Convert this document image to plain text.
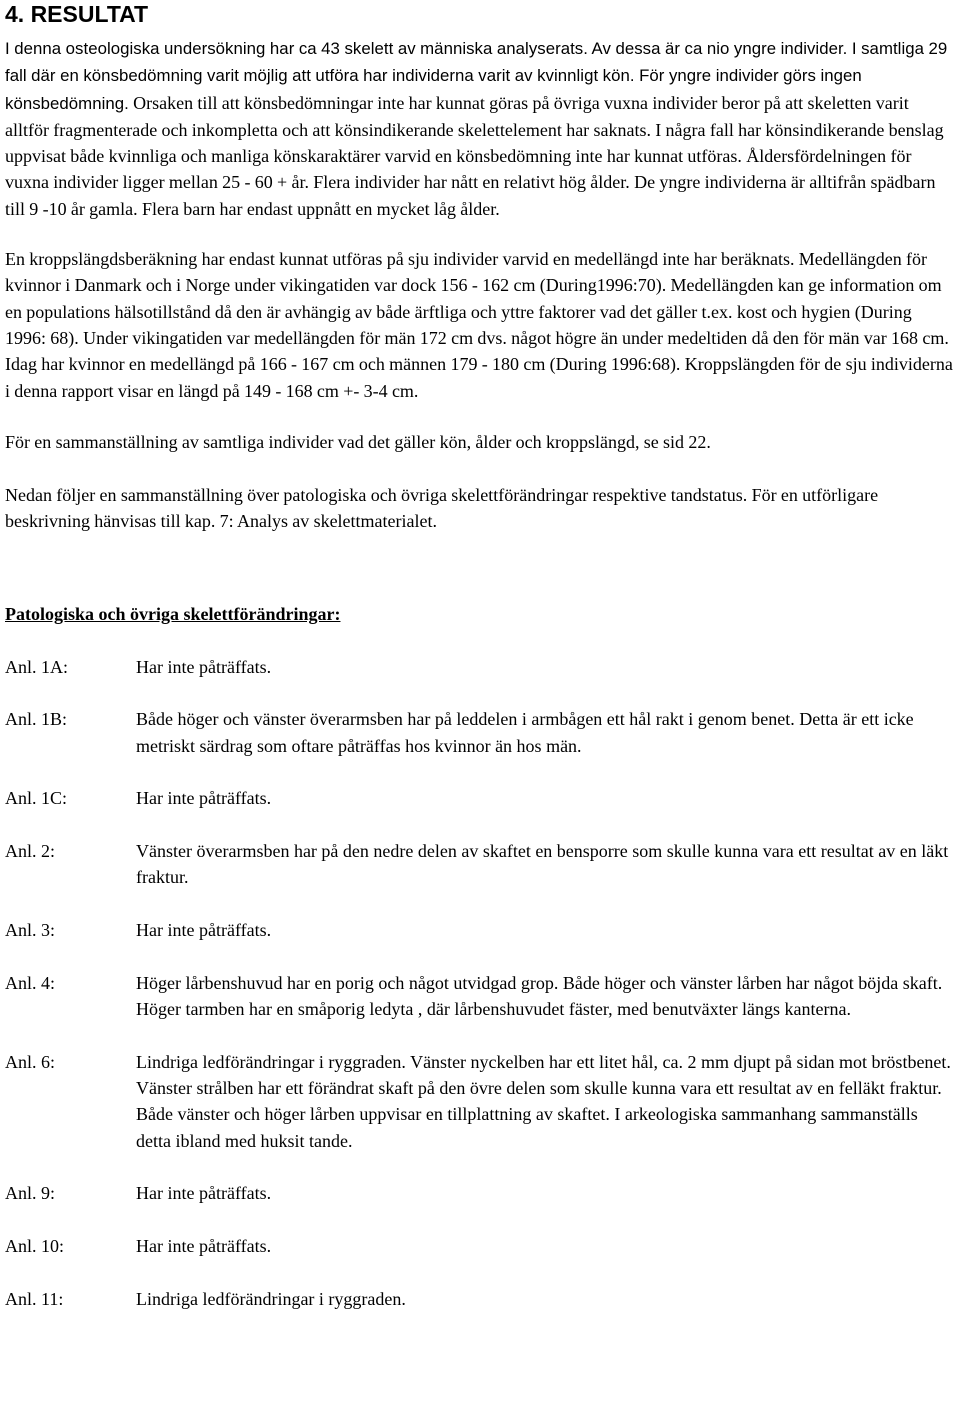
4. RESULTAT

I denna osteologiska undersökning har ca 43 skelett av människa analyserats. Av dessa är ca nio yngre individer. I samtliga 29 fall där en könsbedömning varit möjlig att utföra har individerna varit av kvinnligt kön. För yngre individer görs ingen könsbedömning. Orsaken till att könsbedömningar inte har kunnat göras på övriga vuxna individer beror på att skeletten varit alltför fragmenterade och inkompletta och att könsindikerande skelettelement har saknats. I några fall har könsindikerande benslag uppvisat både kvinnliga och manliga könskaraktärer varvid en könsbedömning inte har kunnat utföras. Åldersfördelningen för vuxna individer ligger mellan 25 - 60 + år. Flera individer har nått en relativt hög ålder. De yngre individerna är alltifrån spädbarn till 9 -10 år gamla. Flera barn har endast uppnått en mycket låg ålder.

En kroppslängdsberäkning har endast kunnat utföras på sju individer varvid en medellängd inte har beräknats. Medellängden för kvinnor i Danmark och i Norge under vikingatiden var dock 156 - 162 cm (During1996:70). Medellängden kan ge information om en populations hälsotillstånd då den är avhängig av både ärftliga och yttre faktorer vad det gäller t.ex. kost och hygien (During 1996: 68). Under vikingatiden var medellängden för män 172 cm dvs. något högre än under medeltiden då den för män var 168 cm. Idag har kvinnor en medellängd på 166 - 167 cm och männen 179 - 180 cm (During 1996:68). Kroppslängden för de sju individerna i denna rapport visar en längd på 149 - 168 cm +- 3-4 cm.

För en sammanställning av samtliga individer vad det gäller kön, ålder och kroppslängd, se sid 22.

Nedan följer en sammanställning över patologiska och övriga skelettförändringar respektive tandstatus. För en utförligare beskrivning hänvisas till kap. 7: Analys av skelettmaterialet.

Patologiska och övriga skelettförändringar:
Anl. 1A:	Har inte påträffats.
Anl. 1B:	Både höger och vänster överarmsben har på leddelen i armbågen ett hål rakt i genom benet. Detta är ett icke metriskt särdrag som oftare påträffas hos kvinnor än hos män.
Anl. 1C:	Har inte påträffats.
Anl. 2:	Vänster överarmsben har på den nedre delen av skaftet en bensporre som skulle kunna vara ett resultat av en läkt fraktur.
Anl. 3:	Har inte påträffats.
Anl. 4:	Höger lårbenshuvud har en porig och något utvidgad grop. Både höger och vänster lårben har något böjda skaft. Höger tarmben har en småporig ledyta , där lårbenshuvudet fäster, med benutväxter längs kanterna.
Anl. 6:	Lindriga ledförändringar i ryggraden. Vänster nyckelben har ett litet hål, ca. 2 mm djupt på sidan mot bröstbenet. Vänster strålben har ett förändrat skaft på den övre delen som skulle kunna vara ett resultat av en felläkt fraktur. Både vänster och höger lårben uppvisar en tillplattning av skaftet. I arkeologiska sammanhang sammanställs detta ibland med huksit tande.
Anl. 9:	Har inte påträffats.
Anl. 10:	Har inte påträffats.
Anl. 11:	Lindriga ledförändringar i ryggraden.
